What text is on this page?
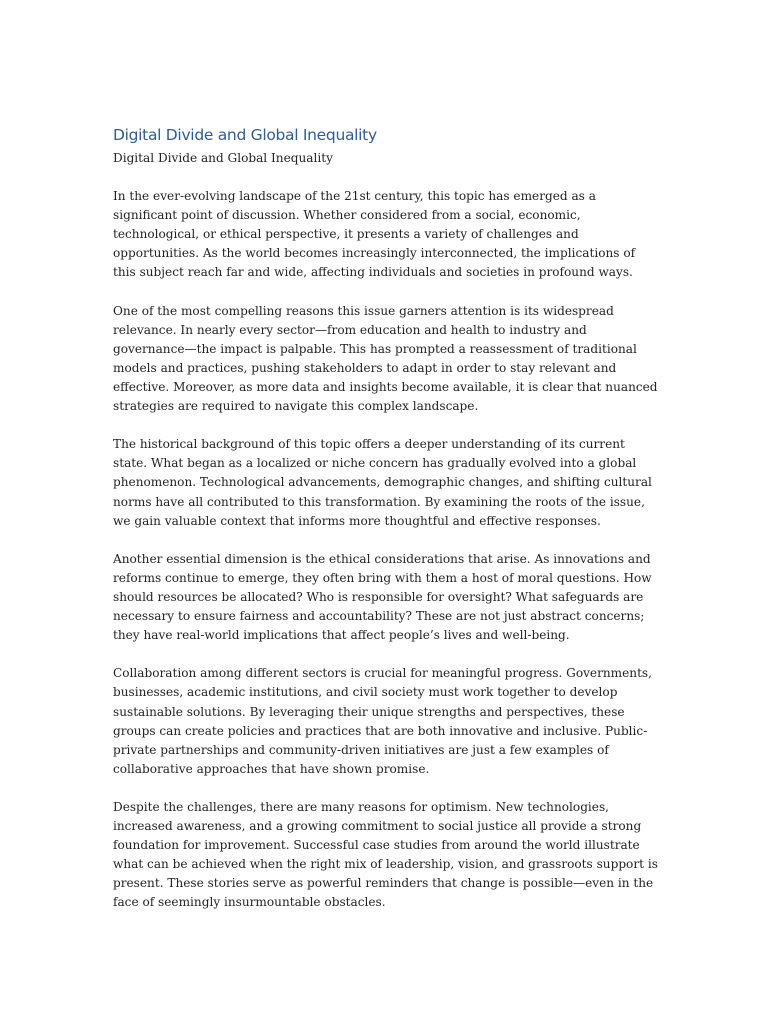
Digital Divide and Global Inequality
Digital Divide and Global Inequality

In the ever-evolving landscape of the 21st century, this topic has emerged as a significant point of discussion. Whether considered from a social, economic, technological, or ethical perspective, it presents a variety of challenges and opportunities. As the world becomes increasingly interconnected, the implications of this subject reach far and wide, affecting individuals and societies in profound ways.

One of the most compelling reasons this issue garners attention is its widespread relevance. In nearly every sector—from education and health to industry and governance—the impact is palpable. This has prompted a reassessment of traditional models and practices, pushing stakeholders to adapt in order to stay relevant and effective. Moreover, as more data and insights become available, it is clear that nuanced strategies are required to navigate this complex landscape.

The historical background of this topic offers a deeper understanding of its current state. What began as a localized or niche concern has gradually evolved into a global phenomenon. Technological advancements, demographic changes, and shifting cultural norms have all contributed to this transformation. By examining the roots of the issue, we gain valuable context that informs more thoughtful and effective responses.

Another essential dimension is the ethical considerations that arise. As innovations and reforms continue to emerge, they often bring with them a host of moral questions. How should resources be allocated? Who is responsible for oversight? What safeguards are necessary to ensure fairness and accountability? These are not just abstract concerns; they have real-world implications that affect people’s lives and well-being.

Collaboration among different sectors is crucial for meaningful progress. Governments, businesses, academic institutions, and civil society must work together to develop sustainable solutions. By leveraging their unique strengths and perspectives, these groups can create policies and practices that are both innovative and inclusive. Public-private partnerships and community-driven initiatives are just a few examples of collaborative approaches that have shown promise.

Despite the challenges, there are many reasons for optimism. New technologies, increased awareness, and a growing commitment to social justice all provide a strong foundation for improvement. Successful case studies from around the world illustrate what can be achieved when the right mix of leadership, vision, and grassroots support is present. These stories serve as powerful reminders that change is possible—even in the face of seemingly insurmountable obstacles.
